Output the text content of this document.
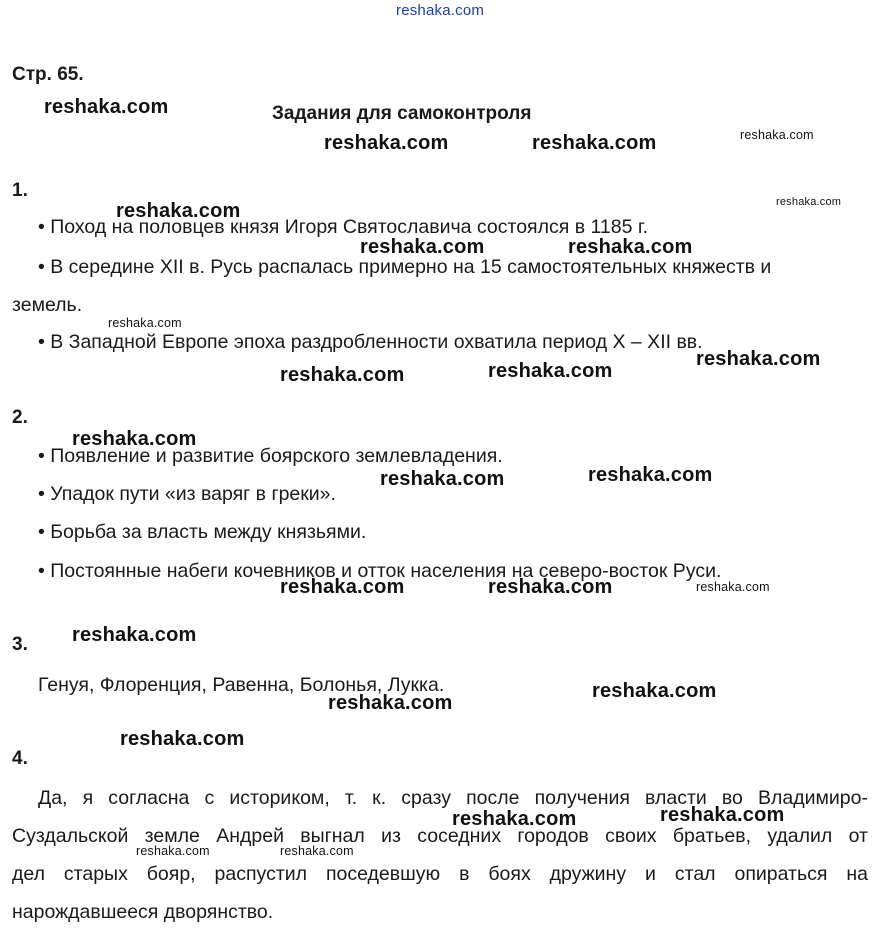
reshaka.com
reshaka.com
reshaka.com	reshaka.com	reshaka.com
reshaka.com
reshaka.com
reshaka.com	reshaka.com
reshaka.com
reshaka.com
reshaka.com	reshaka.com
reshaka.com
reshaka.com	reshaka.com
reshaka.com	reshaka.com	reshaka.com
reshaka.com
reshaka.com
reshaka.com
reshaka.com
reshaka.com	reshaka.com
reshaka.com	reshaka.com
Стр. 65.
Задания для самоконтроля
1.
• Поход на половцев князя Игоря Святославича состоялся в 1185 г.
• В середине XII в. Русь распалась примерно на 15 самостоятельных княжеств и
земель.
• В Западной Европе эпоха раздробленности охватила период X – XII вв.
2.
• Появление и развитие боярского землевладения.
• Упадок пути «из варяг в греки».
• Борьба за власть между князьями.
• Постоянные набеги кочевников и отток населения на северо-восток Руси.
3.
Генуя, Флоренция, Равенна, Болонья, Лукка.
4.
Да, я согласна с историком, т. к. сразу после получения власти во Владимиро-
Суздальской земле Андрей выгнал из соседних городов своих братьев, удалил от
дел старых бояр, распустил поседевшую в боях дружину и стал опираться на
нарождавшееся дворянство.
